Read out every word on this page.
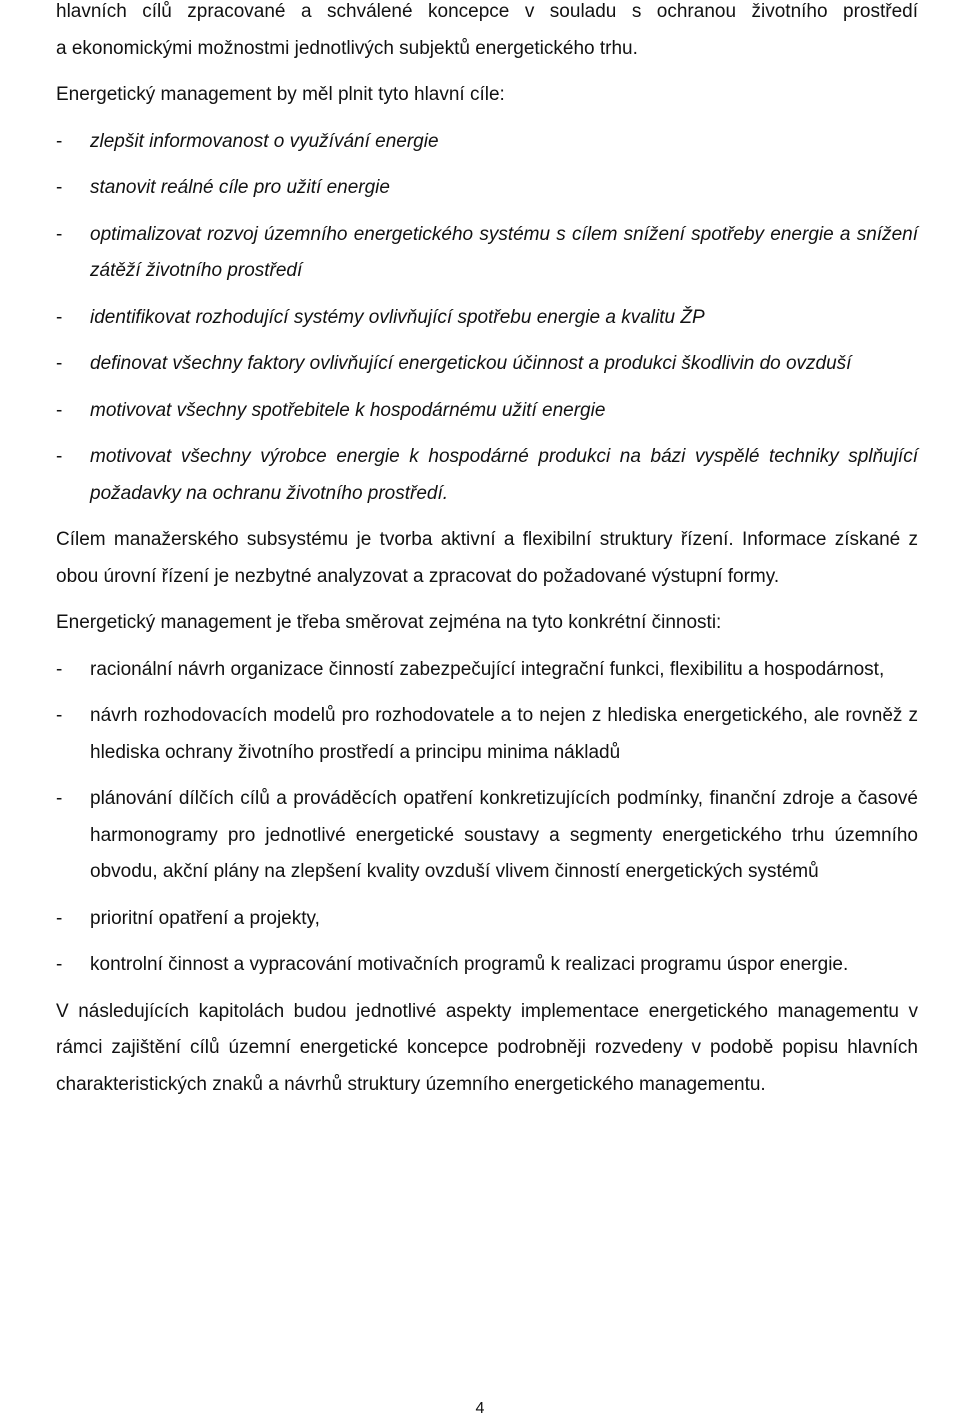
hlavních cílů zpracované a schválené koncepce v souladu s ochranou životního prostředí
a ekonomickými možnostmi jednotlivých subjektů energetického trhu.

Energetický management by měl plnit tyto hlavní cíle:

- zlepšit informovanost o využívání energie

- stanovit reálné cíle pro užití energie

- optimalizovat rozvoj územního energetického systému s cílem snížení spotřeby energie a snížení zátěží životního prostředí

- identifikovat rozhodující systémy ovlivňující spotřebu energie a kvalitu ŽP

- definovat všechny faktory ovlivňující energetickou účinnost a produkci škodlivin do ovzduší

- motivovat všechny spotřebitele k hospodárnému užití energie

- motivovat všechny výrobce energie k hospodárné produkci na bázi vyspělé techniky splňující požadavky na ochranu životního prostředí.

Cílem manažerského subsystému je tvorba aktivní a flexibilní struktury řízení. Informace získané z obou úrovní řízení je nezbytné analyzovat a zpracovat do požadované výstupní formy.

Energetický management je třeba směrovat zejména na tyto konkrétní činnosti:

- racionální návrh organizace činností zabezpečující integrační funkci, flexibilitu a hospodárnost,

- návrh rozhodovacích modelů pro rozhodovatele a to nejen z hlediska energetického, ale rovněž z hlediska ochrany životního prostředí a principu minima nákladů

- plánování dílčích cílů a prováděcích opatření konkretizujících podmínky, finanční zdroje a časové harmonogramy pro jednotlivé energetické soustavy a segmenty energetického trhu územního obvodu, akční plány na zlepšení kvality ovzduší vlivem činností energetických systémů

- prioritní opatření a projekty,

- kontrolní činnost a vypracování motivačních programů k realizaci programu úspor energie.

V následujících kapitolách budou jednotlivé aspekty implementace energetického managementu v rámci zajištění cílů územní energetické koncepce podrobněji rozvedeny v podobě popisu hlavních charakteristických znaků a návrhů struktury územního energetického managementu.

4
